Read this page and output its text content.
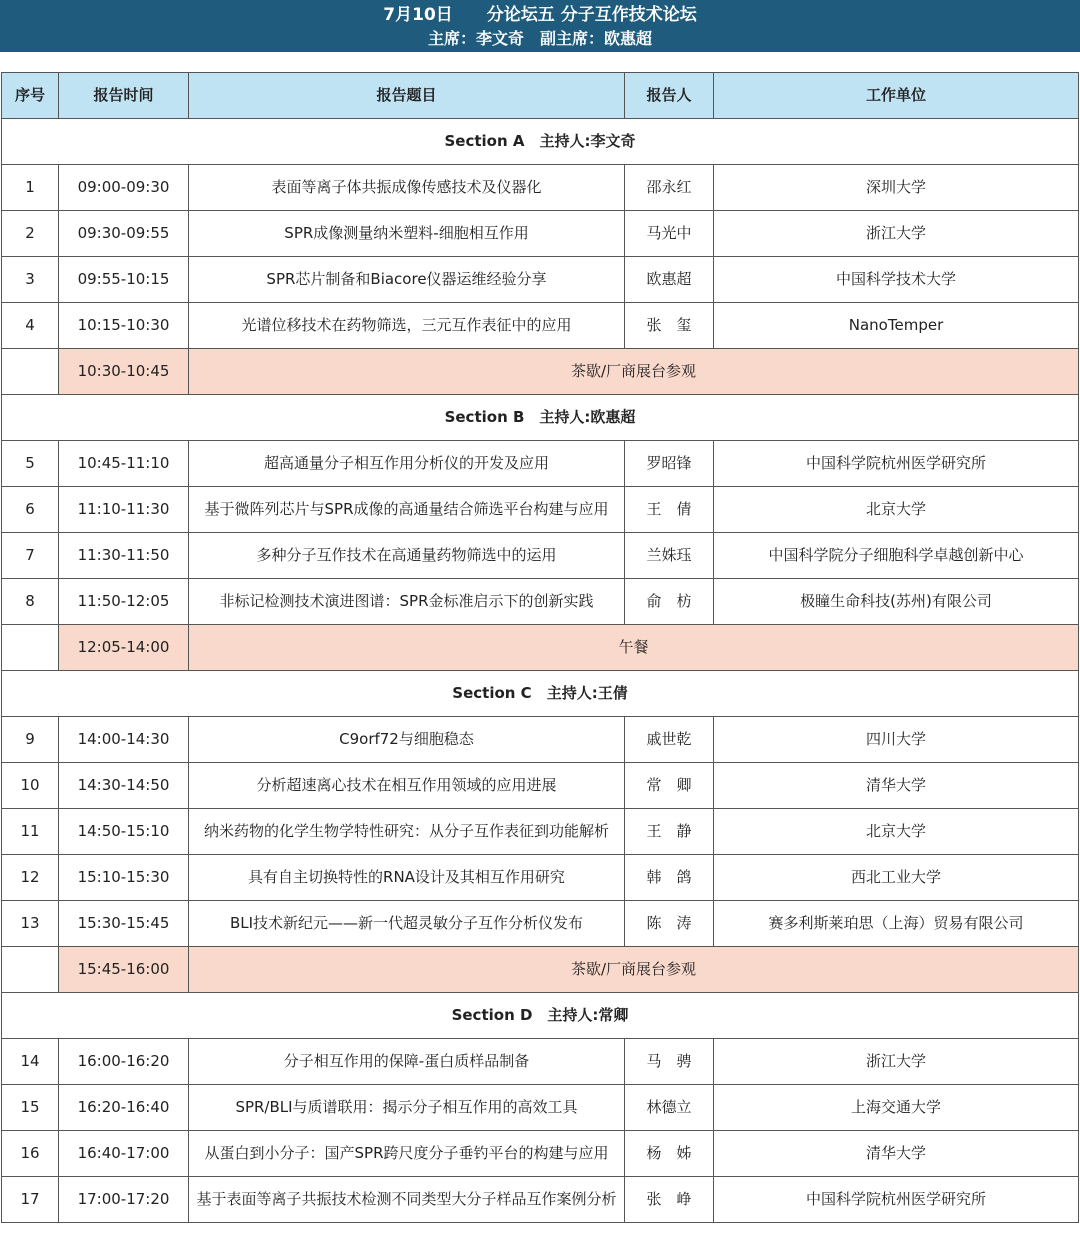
7月10日　　分论坛五 分子互作技术论坛
主席：李文奇　副主席：欧惠超
序号	报告时间	报告题目	报告人	工作单位
Section A　主持人:李文奇				
1	09:00-09:30	表面等离子体共振成像传感技术及仪器化	邵永红	深圳大学
2	09:30-09:55	SPR成像测量纳米塑料-细胞相互作用	马光中	浙江大学
3	09:55-10:15	SPR芯片制备和Biacore仪器运维经验分享	欧惠超	中国科学技术大学
4	10:15-10:30	光谱位移技术在药物筛选，三元互作表征中的应用	张　玺	NanoTemper
	10:30-10:45	茶歇/厂商展台参观		
Section B　主持人:欧惠超				
5	10:45-11:10	超高通量分子相互作用分析仪的开发及应用	罗昭锋	中国科学院杭州医学研究所
6	11:10-11:30	基于微阵列芯片与SPR成像的高通量结合筛选平台构建与应用	王　倩	北京大学
7	11:30-11:50	多种分子互作技术在高通量药物筛选中的运用	兰姝珏	中国科学院分子细胞科学卓越创新中心
8	11:50-12:05	非标记检测技术演进图谱：SPR金标准启示下的创新实践	俞　枋	极瞳生命科技(苏州)有限公司
	12:05-14:00	午餐		
Section C　主持人:王倩				
9	14:00-14:30	C9orf72与细胞稳态	戚世乾	四川大学
10	14:30-14:50	分析超速离心技术在相互作用领域的应用进展	常　卿	清华大学
11	14:50-15:10	纳米药物的化学生物学特性研究：从分子互作表征到功能解析	王　静	北京大学
12	15:10-15:30	具有自主切换特性的RNA设计及其相互作用研究	韩　鸽	西北工业大学
13	15:30-15:45	BLI技术新纪元——新一代超灵敏分子互作分析仪发布	陈　涛	赛多利斯莱珀思（上海）贸易有限公司
	15:45-16:00	茶歇/厂商展台参观		
Section D　主持人:常卿				
14	16:00-16:20	分子相互作用的保障-蛋白质样品制备	马　骋	浙江大学
15	16:20-16:40	SPR/BLI与质谱联用：揭示分子相互作用的高效工具	林德立	上海交通大学
16	16:40-17:00	从蛋白到小分子：国产SPR跨尺度分子垂钓平台的构建与应用	杨　姊	清华大学
17	17:00-17:20	基于表面等离子共振技术检测不同类型大分子样品互作案例分析	张　峥	中国科学院杭州医学研究所
